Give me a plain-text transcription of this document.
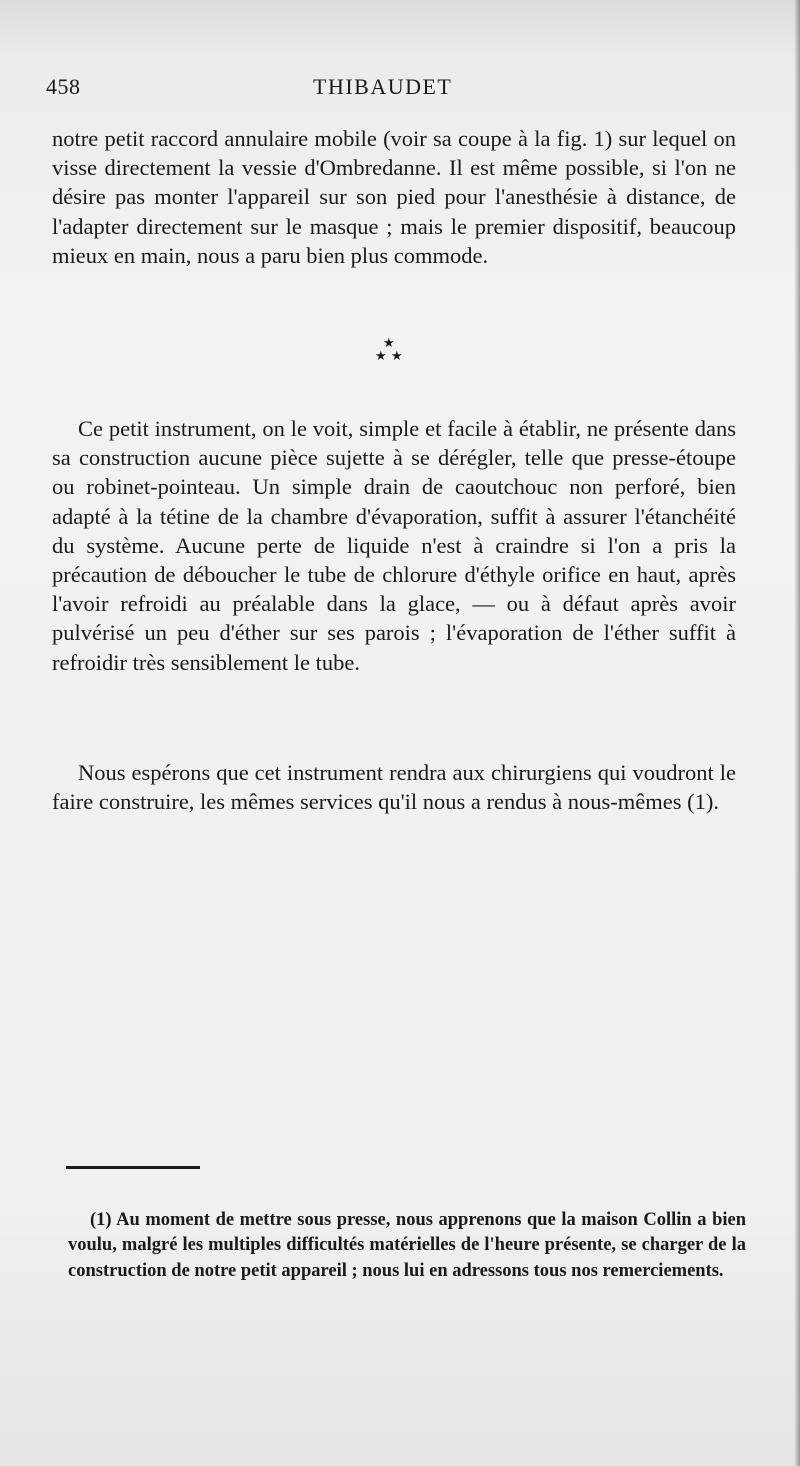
458	THIBAUDET

notre petit raccord annulaire mobile (voir sa coupe à la fig. 1) sur lequel on visse directement la vessie d'Ombredanne. Il est même possible, si l'on ne désire pas monter l'appareil sur son pied pour l'anesthésie à distance, de l'adapter directement sur le masque ; mais le premier dispositif, beaucoup mieux en main, nous a paru bien plus commode.

★
★ ★

Ce petit instrument, on le voit, simple et facile à établir, ne présente dans sa construction aucune pièce sujette à se dérégler, telle que presse-étoupe ou robinet-pointeau. Un simple drain de caoutchouc non perforé, bien adapté à la tétine de la chambre d'évaporation, suffit à assurer l'étanchéité du système. Aucune perte de liquide n'est à craindre si l'on a pris la précaution de déboucher le tube de chlorure d'éthyle orifice en haut, après l'avoir refroidi au préalable dans la glace, — ou à défaut après avoir pulvérisé un peu d'éther sur ses parois ; l'évaporation de l'éther suffit à refroidir très sensiblement le tube.

Nous espérons que cet instrument rendra aux chirurgiens qui voudront le faire construire, les mêmes services qu'il nous a rendus à nous-mêmes (1).

(1) Au moment de mettre sous presse, nous apprenons que la maison Collin a bien voulu, malgré les multiples difficultés matérielles de l'heure présente, se charger de la construction de notre petit appareil ; nous lui en adressons tous nos remerciements.
